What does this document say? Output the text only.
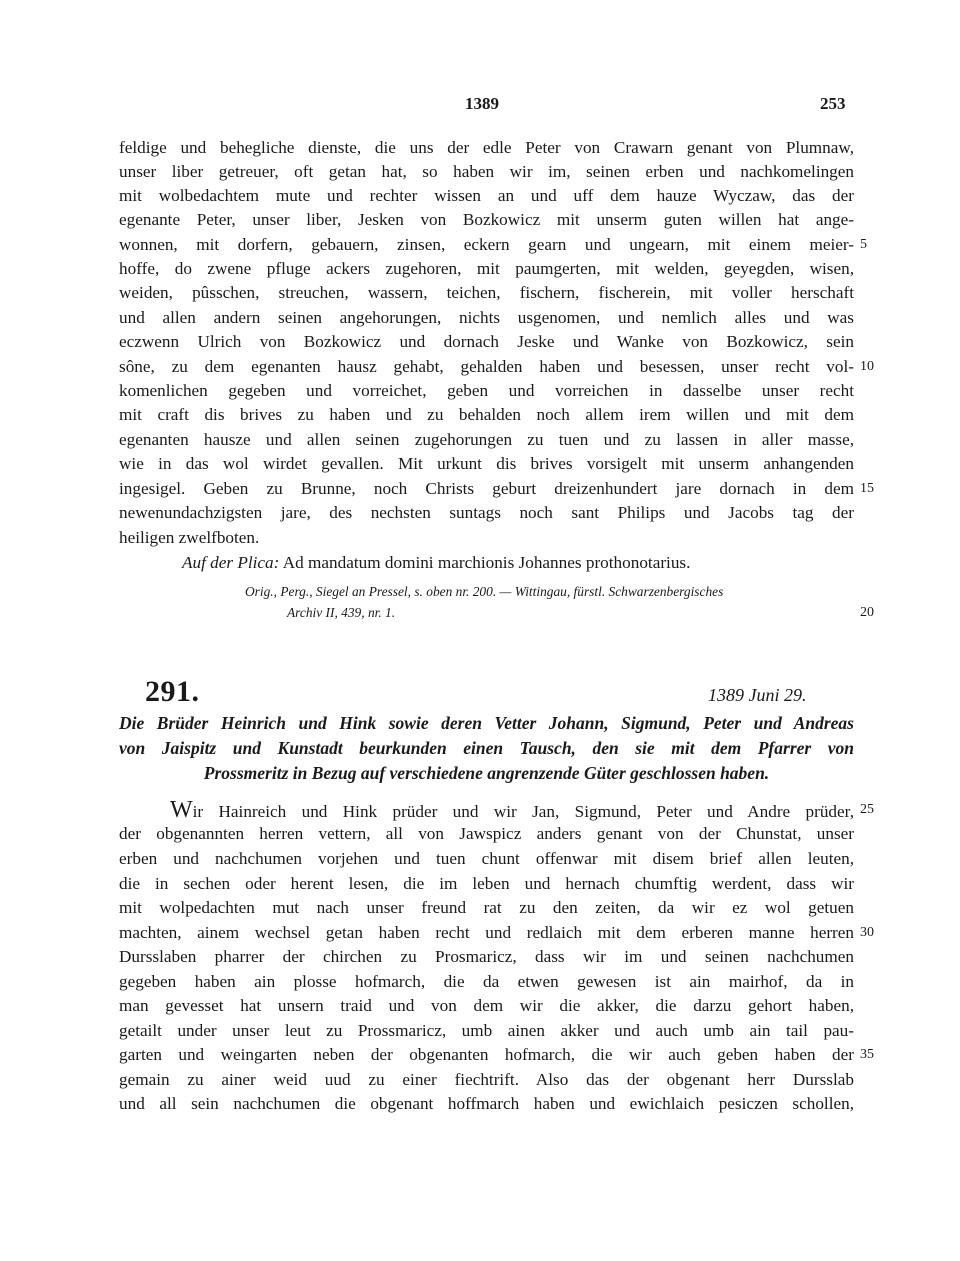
1389	253
feldige und behegliche dienste, die uns der edle Peter von Crawarn genant von Plumnaw,
unser liber getreuer, oft getan hat, so haben wir im, seinen erben und nachkomelingen
mit wolbedachtem mute und rechter wissen an und uff dem hauze Wyczaw, das der
egenante Peter, unser liber, Jesken von Bozkowicz mit unserm guten willen hat ange-
wonnen, mit dorfern, gebauern, zinsen, eckern gearn und ungearn, mit einem meier-
hoffe, do zwene pfluge ackers zugehoren, mit paumgerten, mit welden, geyegden, wisen,
weiden, pûsschen, streuchen, wassern, teichen, fischern, fischerein, mit voller herschaft
und allen andern seinen angehorungen, nichts usgenomen, und nemlich alles und was
eczwenn Ulrich von Bozkowicz und dornach Jeske und Wanke von Bozkowicz, sein
sône, zu dem egenanten hausz gehabt, gehalden haben und besessen, unser recht vol-
komenlichen gegeben und vorreichet, geben und vorreichen in dasselbe unser recht
mit craft dis brives zu haben und zu behalden noch allem irem willen und mit dem
egenanten hausze und allen seinen zugehorungen zu tuen und zu lassen in aller masse,
wie in das wol wirdet gevallen. Mit urkunt dis brives vorsigelt mit unserm anhangenden
ingesigel. Geben zu Brunne, noch Christs geburt dreizenhundert jare dornach in dem
newenundachzigsten jare, des nechsten suntags noch sant Philips und Jacobs tag der
heiligen zwelfboten.
5
10
15
20
Auf der Plica: Ad mandatum domini marchionis Johannes prothonotarius.
Orig., Perg., Siegel an Pressel, s. oben nr. 200. — Wittingau, fürstl. Schwarzenbergisches
Archiv II, 439, nr. 1.
291.	1389 Juni 29.
Die Brüder Heinrich und Hink sowie deren Vetter Johann, Sigmund, Peter und Andreas
von Jaispitz und Kunstadt beurkunden einen Tausch, den sie mit dem Pfarrer von
Prossmeritz in Bezug auf verschiedene angrenzende Güter geschlossen haben.
Wir Hainreich und Hink prüder und wir Jan, Sigmund, Peter und Andre prüder,
der obgenannten herren vettern, all von Jawspicz anders genant von der Chunstat, unser
erben und nachchumen vorjehen und tuen chunt offenwar mit disem brief allen leuten,
die in sechen oder herent lesen, die im leben und hernach chumftig werdent, dass wir
mit wolpedachten mut nach unser freund rat zu den zeiten, da wir ez wol getuen
machten, ainem wechsel getan haben recht und redlaich mit dem erberen manne herren
Dursslaben pharrer der chirchen zu Prosmaricz, dass wir im und seinen nachchumen
gegeben haben ain plosse hofmarch, die da etwen gewesen ist ain mairhof, da in
man gevesset hat unsern traid und von dem wir die akker, die darzu gehort haben,
getailt under unser leut zu Prossmaricz, umb ainen akker und auch umb ain tail pau-
garten und weingarten neben der obgenanten hofmarch, die wir auch geben haben der
gemain zu ainer weid uud zu einer fiechtrift. Also das der obgenant herr Dursslab
und all sein nachchumen die obgenant hoffmarch haben und ewichlaich pesiczen schollen,
25
30
35
